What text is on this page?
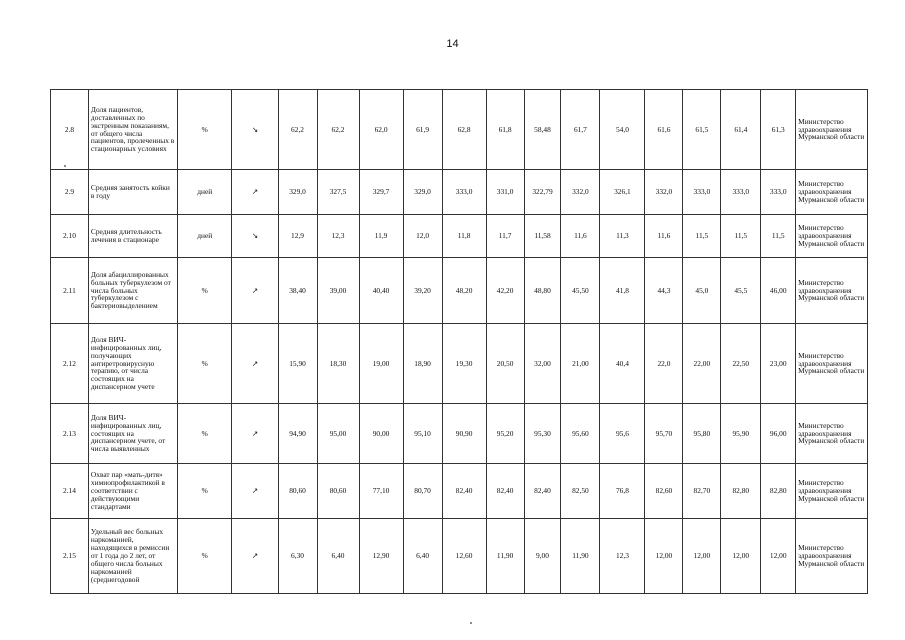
14
2.8	Доля пациентов, доставленных по экстренным показаниям, от общего числа пациентов, пролеченных в стационарных условиях	%	↘	62,2	62,2	62,0	61,9	62,8	61,8	58,48	61,7	54,0	61,6	61,5	61,4	61,3	Министерство здравоохранения Мурманской области
2.9	Средняя занятость койки в году	дней	↗	329,0	327,5	329,7	329,0	333,0	331,0	322,79	332,0	326,1	332,0	333,0	333,0	333,0	Министерство здравоохранения Мурманской области
2.10	Средняя длительность лечения в стационаре	дней	↘	12,9	12,3	11,9	12,0	11,8	11,7	11,58	11,6	11,3	11,6	11,5	11,5	11,5	Министерство здравоохранения Мурманской области
2.11	Доля абациллированных больных туберкулезом от числа больных туберкулезом с бактериовыделением	%	↗	38,40	39,00	40,40	39,20	48,20	42,20	48,80	45,50	41,8	44,3	45,0	45,5	46,00	Министерство здравоохранения Мурманской области
2.12	Доля ВИЧ-инфицированных лиц, получающих антиретровирусную терапию, от числа состоящих на диспансерном учете	%	↗	15,90	18,30	19,00	18,90	19,30	20,50	32,00	21,00	40,4	22,0	22,00	22,50	23,00	Министерство здравоохранения Мурманской области
2.13	Доля ВИЧ-инфицированных лиц, состоящих на диспансерном учете, от числа выявленных	%	↗	94,90	95,00	90,00	95,10	90,90	95,20	95,30	95,60	95,6	95,70	95,80	95,90	96,00	Министерство здравоохранения Мурманской области
2.14	Охват пар «мать-дитя» химиопрофилактикой в соответствии с действующими стандартами	%	↗	80,60	80,60	77,10	80,70	82,40	82,40	82,40	82,50	76,8	82,60	82,70	82,80	82,80	Министерство здравоохранения Мурманской области
2.15	Удельный вес больных наркоманией, находящихся в ремиссии от 1 года до 2 лет, от общего числа больных наркоманией (среднегодовой	%	↗	6,30	6,40	12,90	6,40	12,60	11,90	9,00	11,90	12,3	12,00	12,00	12,00	12,00	Министерство здравоохранения Мурманской области
